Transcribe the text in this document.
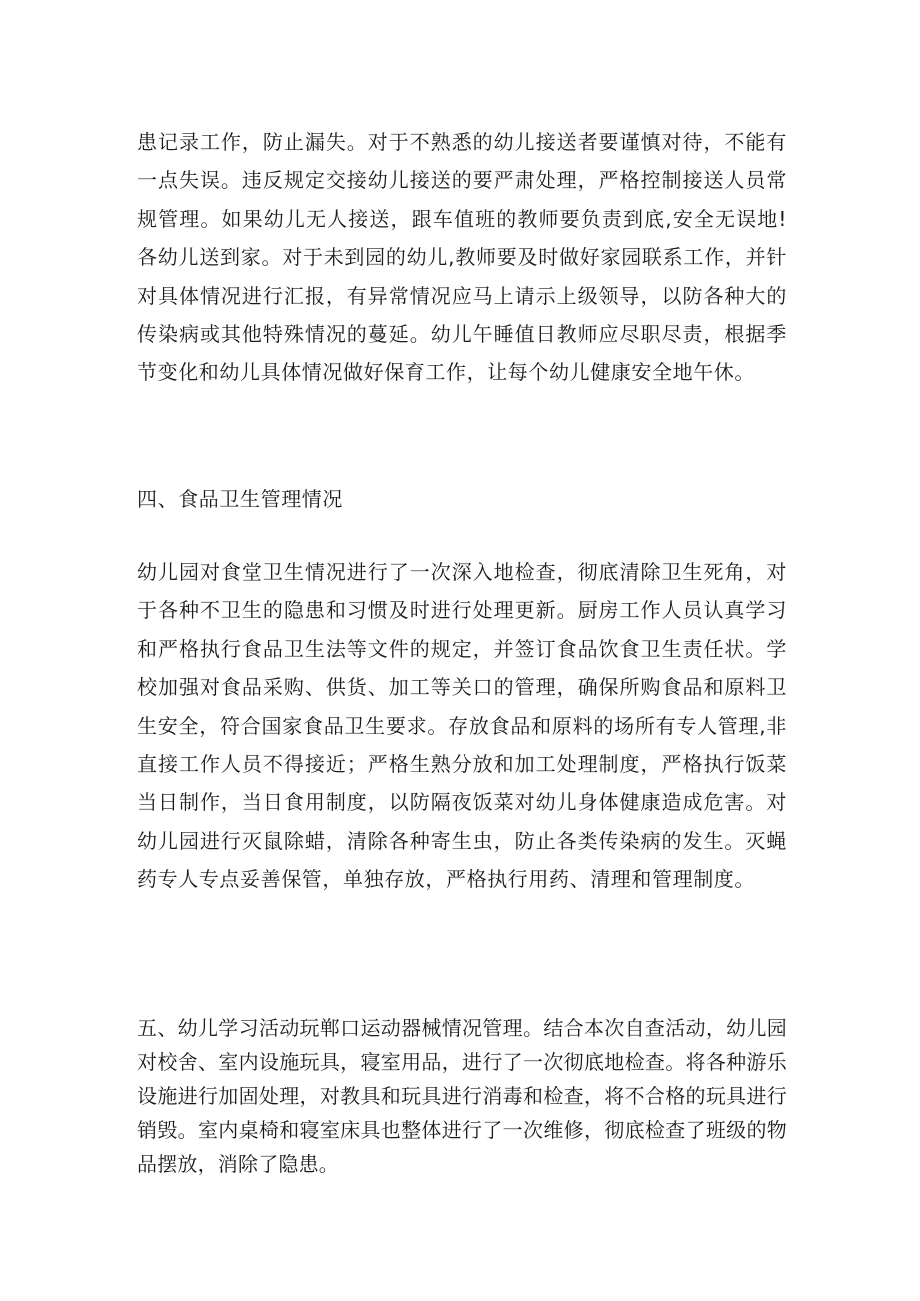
患记录工作，防止漏失。对于不熟悉的幼儿接送者要谨慎对待，不能有一点失误。违反规定交接幼儿接送的要严肃处理，严格控制接送人员常规管理。如果幼儿无人接送，跟车值班的教师要负责到底,安全无误地!各幼儿送到家。对于未到园的幼儿,教师要及时做好家园联系工作，并针对具体情况进行汇报，有异常情况应马上请示上级领导，以防各种大的传染病或其他特殊情况的蔓延。幼儿午睡值日教师应尽职尽责，根据季节变化和幼儿具体情况做好保育工作，让每个幼儿健康安全地午休。

四、食品卫生管理情况

幼儿园对食堂卫生情况进行了一次深入地检查，彻底清除卫生死角，对于各种不卫生的隐患和习惯及时进行处理更新。厨房工作人员认真学习和严格执行食品卫生法等文件的规定，并签订食品饮食卫生责任状。学校加强对食品采购、供货、加工等关口的管理，确保所购食品和原料卫生安全，符合国家食品卫生要求。存放食品和原料的场所有专人管理,非直接工作人员不得接近；严格生熟分放和加工处理制度，严格执行饭菜当日制作，当日食用制度，以防隔夜饭菜对幼儿身体健康造成危害。对幼儿园进行灭鼠除蜡，清除各种寄生虫，防止各类传染病的发生。灭蝇药专人专点妥善保管，单独存放，严格执行用药、清理和管理制度。

五、幼儿学习活动玩郸口运动器械情况管理。结合本次自查活动，幼儿园对校舍、室内设施玩具，寝室用品，进行了一次彻底地检查。将各种游乐设施进行加固处理，对教具和玩具进行消毒和检查，将不合格的玩具进行销毁。室内桌椅和寝室床具也整体进行了一次维修，彻底检查了班级的物品摆放，消除了隐患。
